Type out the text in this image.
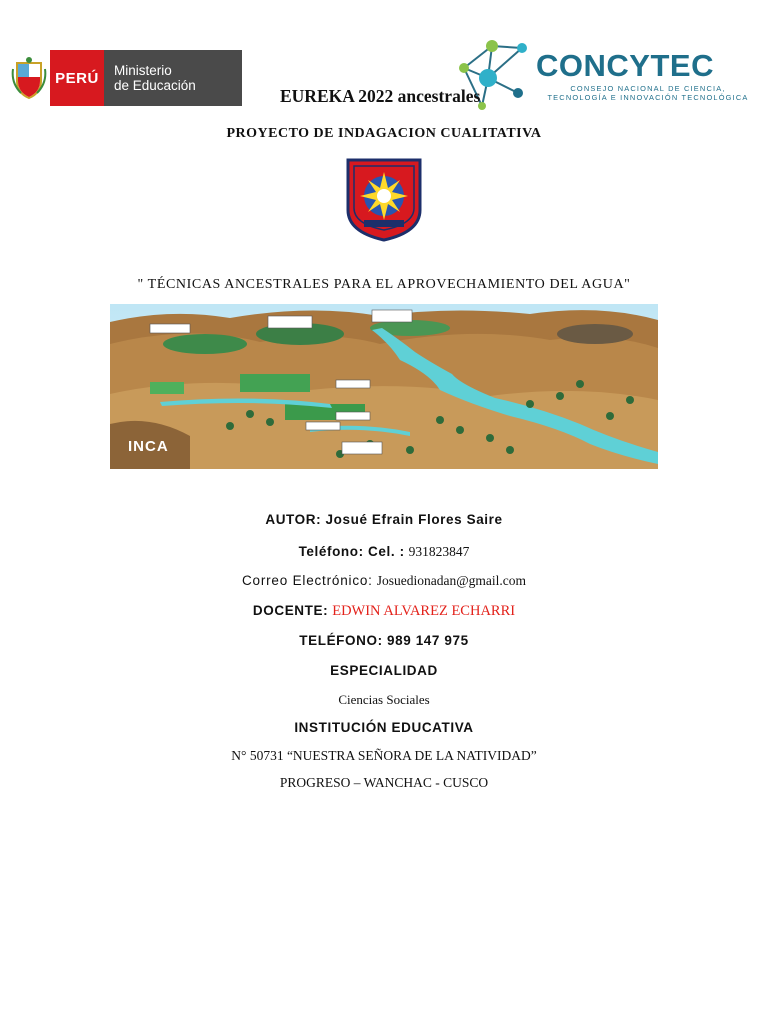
PERÚ	Ministerio
de Educación
CONCYTEC
CONSEJO NACIONAL DE CIENCIA,
TECNOLOGÍA E INNOVACIÓN TECNOLÓGICA
EUREKA 2022 ancestrales
PROYECTO DE INDAGACION CUALITATIVA
" TÉCNICAS ANCESTRALES PARA EL APROVECHAMIENTO DEL AGUA"
INCA
AUTOR: Josué Efrain Flores Saire
Teléfono: Cel. : 931823847
Correo Electrónico: Josuedionadan@gmail.com
DOCENTE: EDWIN ALVAREZ ECHARRI
TELÉFONO: 989 147 975
ESPECIALIDAD
Ciencias Sociales
INSTITUCIÓN EDUCATIVA
N° 50731 “NUESTRA SEÑORA DE LA NATIVIDAD”
PROGRESO – WANCHAC - CUSCO
